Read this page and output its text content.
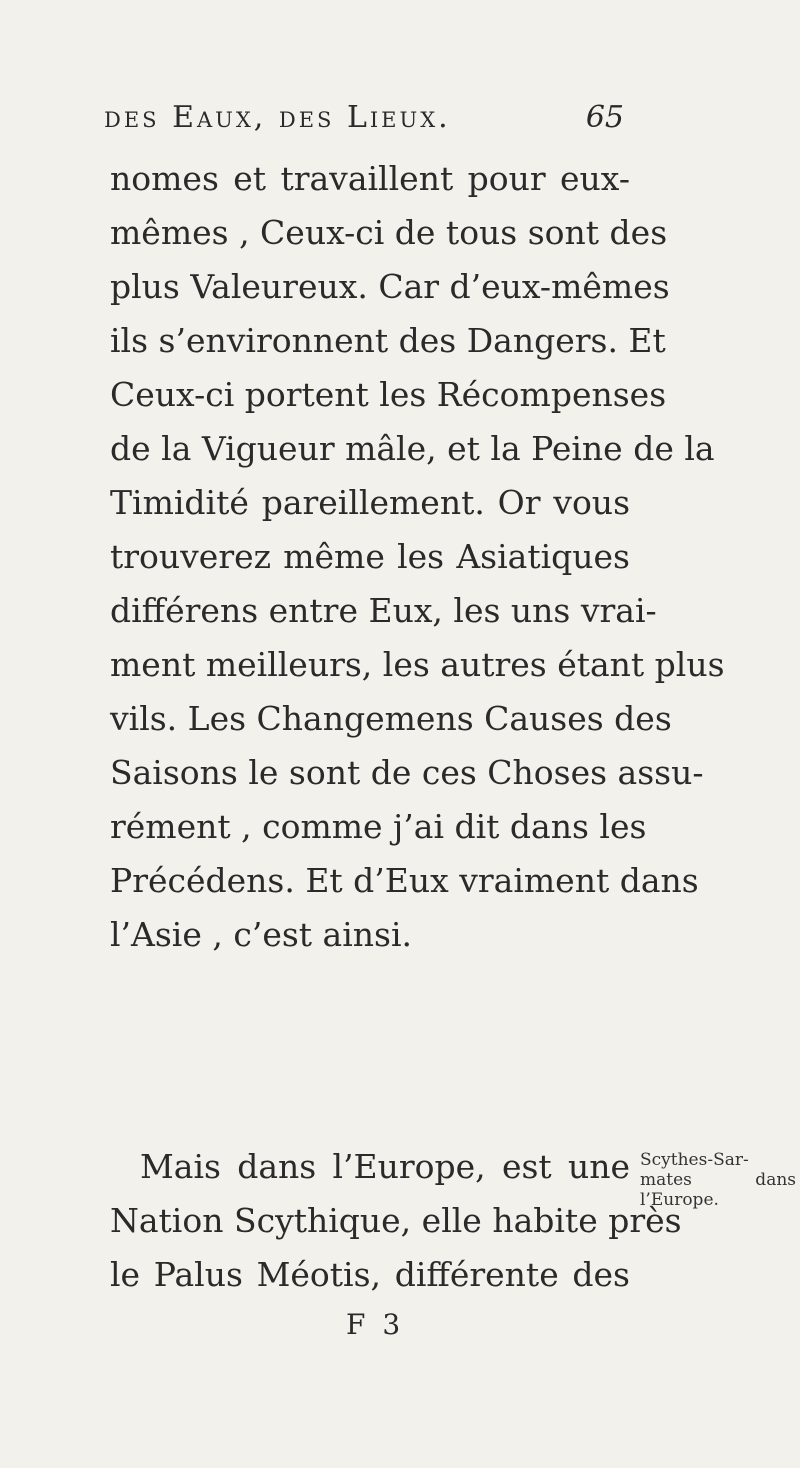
des Eaux, des Lieux.	65
nomes et travaillent pour eux-
mêmes , Ceux-ci de tous sont des
plus Valeureux. Car d’eux-mêmes
ils s’environnent des Dangers. Et
Ceux-ci portent les Récompenses
de la Vigueur mâle, et la Peine de la
Timidité pareillement. Or vous
trouverez même les Asiatiques
différens entre Eux, les uns vrai-
ment meilleurs, les autres étant plus
vils. Les Changemens Causes des
Saisons le sont de ces Choses assu-
rément , comme j’ai dit dans les
Précédens. Et d’Eux vraiment dans
l’Asie , c’est ainsi.
Mais dans l’Europe, est une
Nation Scythique, elle habite près
le Palus Méotis, différente des
Scythes-Sar-
mates dans
l’Europe.
F 3
